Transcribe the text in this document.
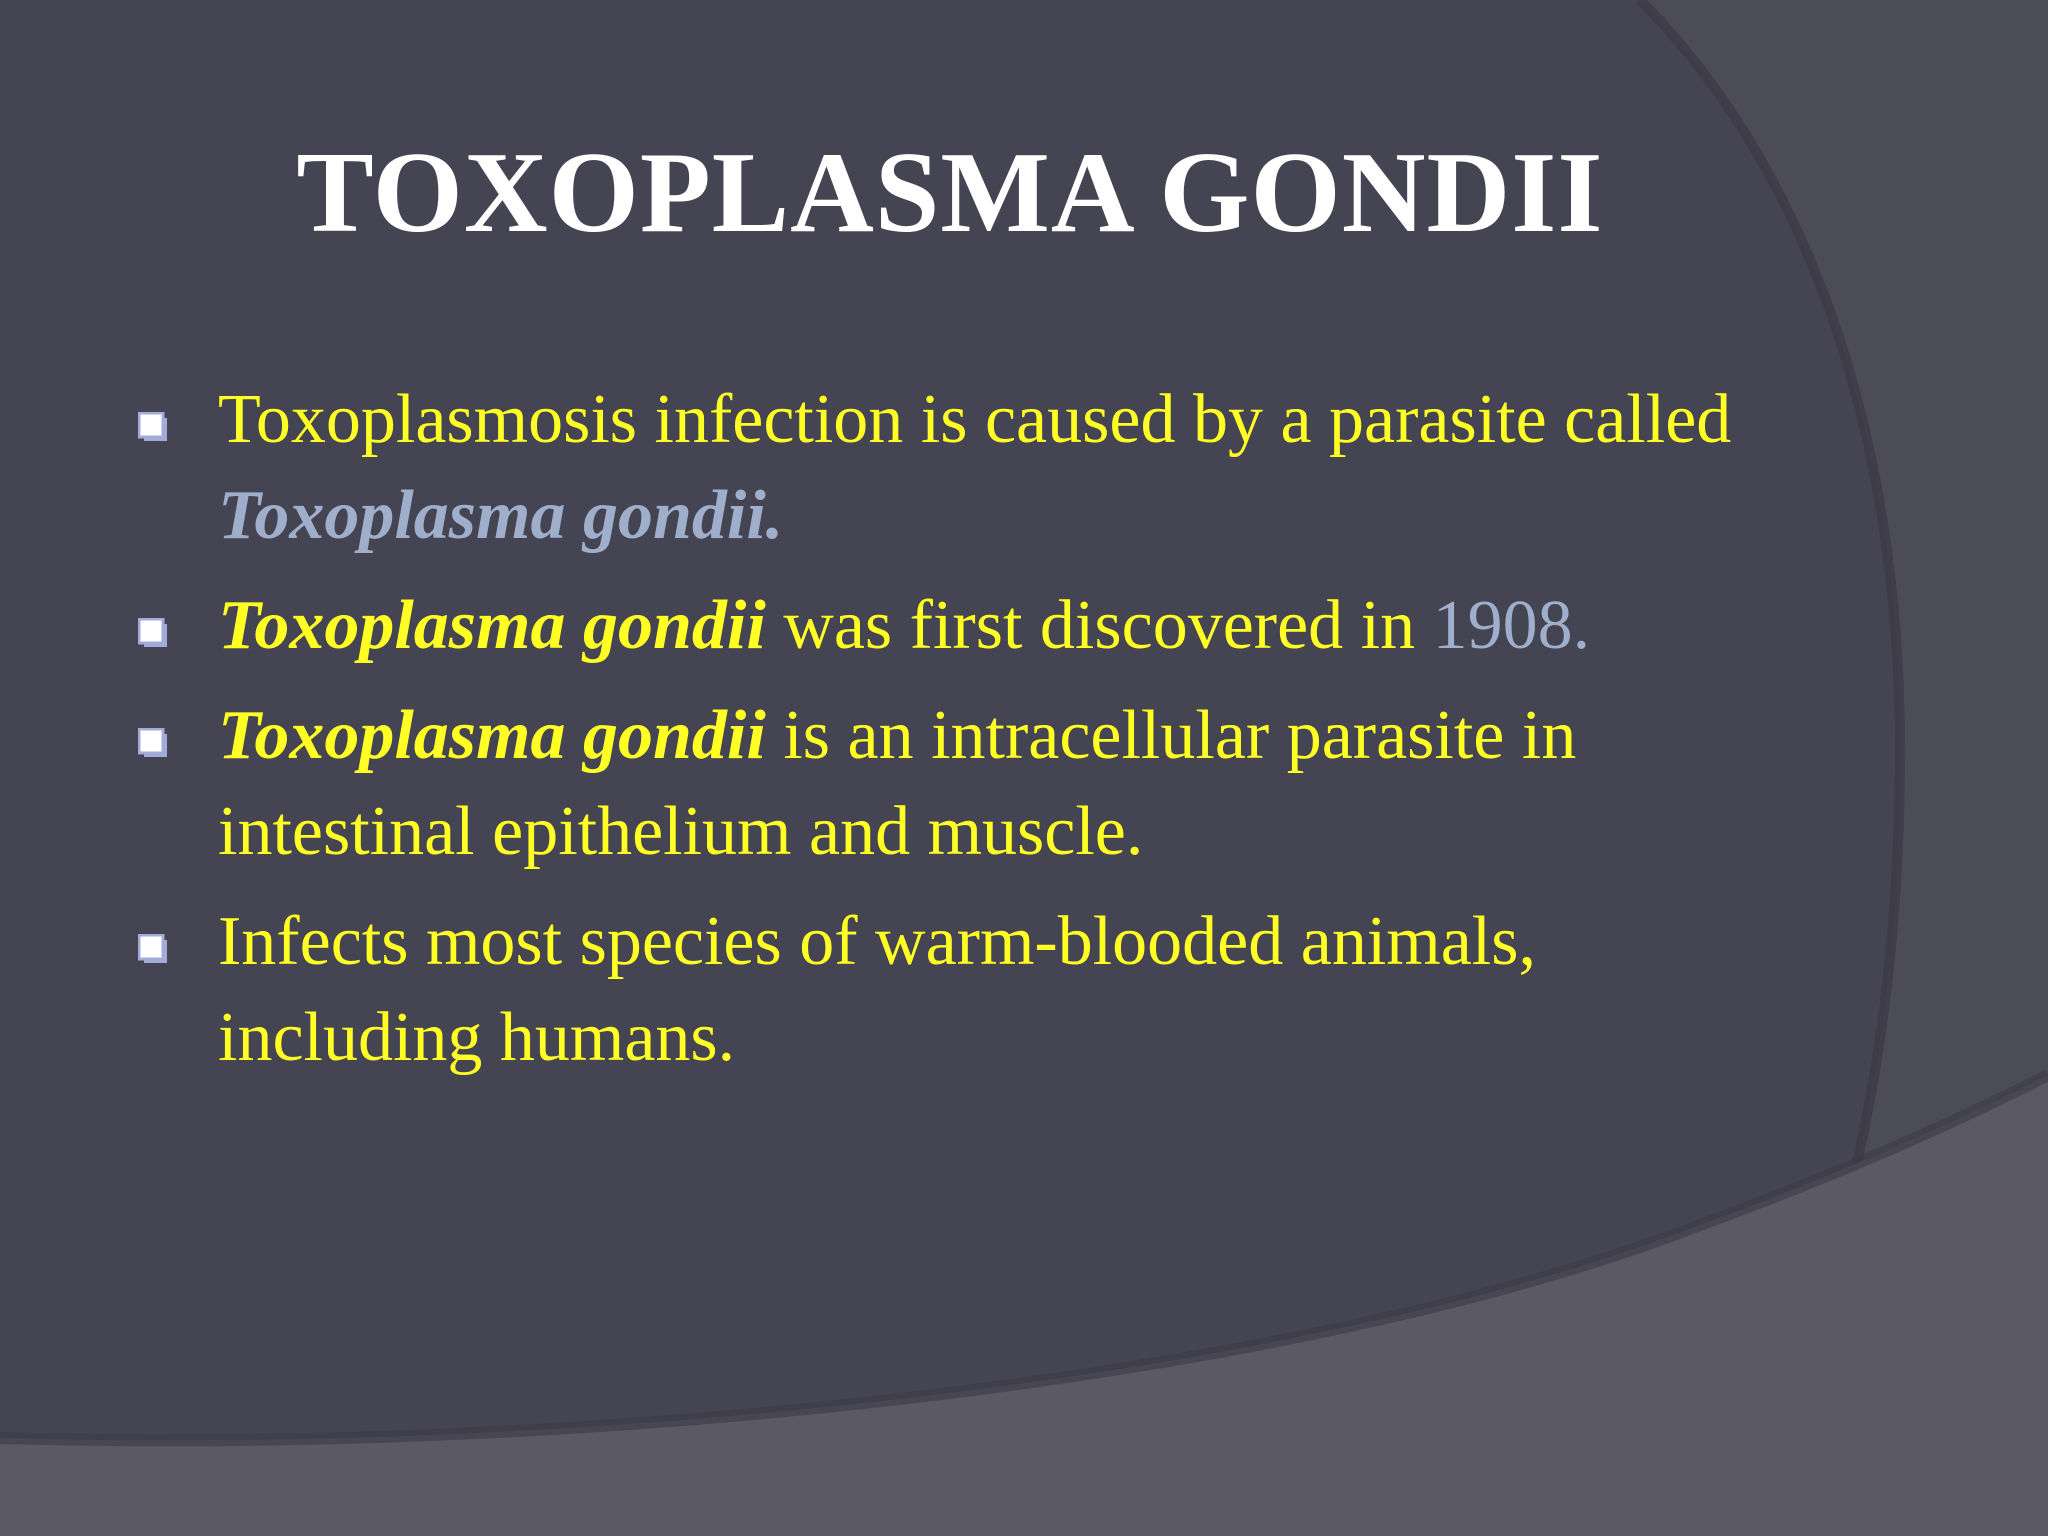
TOXOPLASMA GONDII
Toxoplasmosis infection is caused by a parasite called Toxoplasma gondii.
Toxoplasma gondii was first discovered in 1908.
Toxoplasma gondii is an intracellular parasite in intestinal epithelium and muscle.
Infects most species of warm-blooded animals, including humans.
